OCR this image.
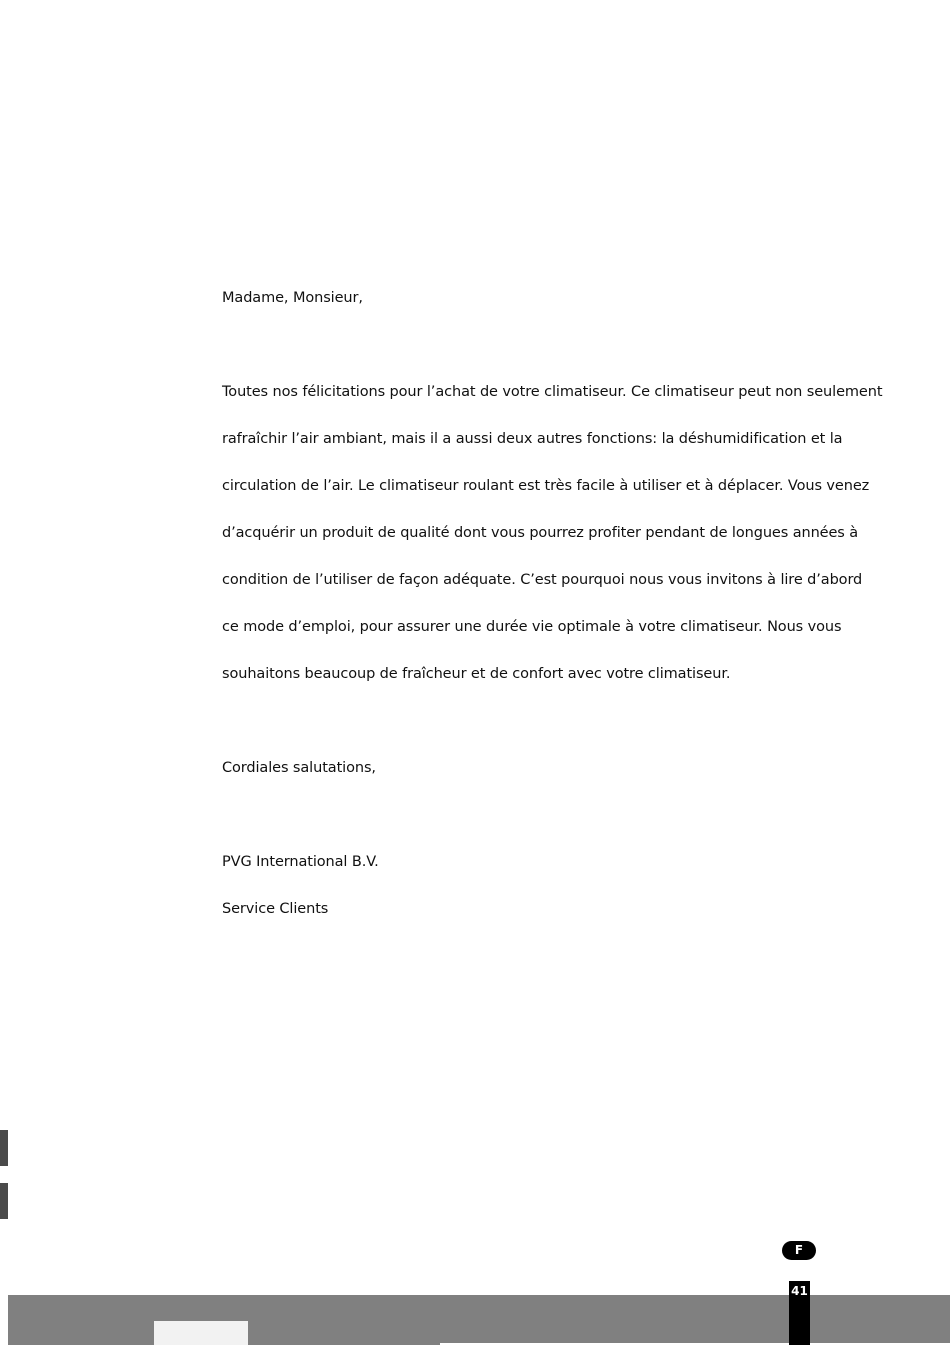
Madame, Monsieur,
Toutes nos félicitations pour l’achat de votre climatiseur. Ce climatiseur peut non seulement
rafraîchir l’air ambiant, mais il a aussi deux autres fonctions: la déshumidification et la
circulation de l’air. Le climatiseur roulant est très facile à utiliser et à déplacer. Vous venez
d’acquérir un produit de qualité dont vous pourrez profiter pendant de longues années à
condition de l’utiliser de façon adéquate. C’est pourquoi nous vous invitons à lire d’abord
ce mode d’emploi, pour assurer une durée vie optimale à votre climatiseur. Nous vous
souhaitons beaucoup de fraîcheur et de confort avec votre climatiseur.
Cordiales salutations,
PVG International B.V.
Service Clients
F
41
